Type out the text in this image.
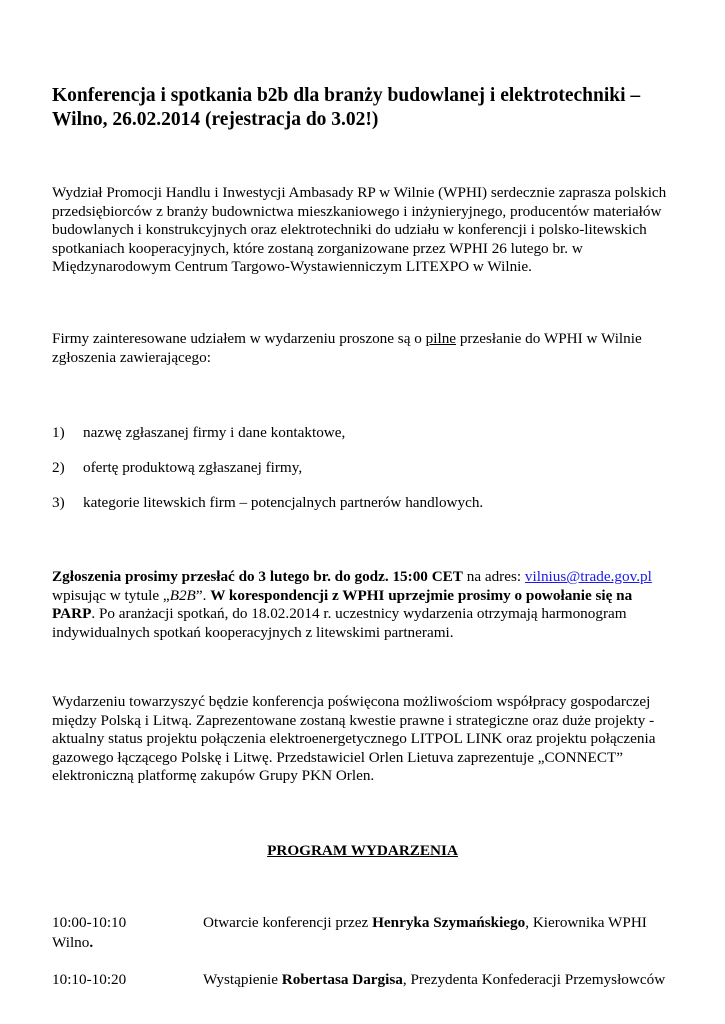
Konferencja i spotkania b2b dla branży budowlanej i elektrotechniki – Wilno, 26.02.2014 (rejestracja do 3.02!)

Wydział Promocji Handlu i Inwestycji Ambasady RP w Wilnie (WPHI) serdecznie zaprasza polskich przedsiębiorców z branży budownictwa mieszkaniowego i inżynieryjnego, producentów materiałów budowlanych i konstrukcyjnych oraz elektrotechniki do udziału w konferencji i polsko-litewskich spotkaniach kooperacyjnych, które zostaną zorganizowane przez WPHI 26 lutego br. w Międzynarodowym Centrum Targowo-Wystawienniczym LITEXPO w Wilnie.

Firmy zainteresowane udziałem w wydarzeniu proszone są o pilne przesłanie do WPHI w Wilnie zgłoszenia zawierającego:

1) nazwę zgłaszanej firmy i dane kontaktowe,
2) ofertę produktową zgłaszanej firmy,
3) kategorie litewskich firm – potencjalnych partnerów handlowych.

Zgłoszenia prosimy przesłać do 3 lutego br. do godz. 15:00 CET na adres: vilnius@trade.gov.pl wpisując w tytule „B2B”. W korespondencji z WPHI uprzejmie prosimy o powołanie się na PARP. Po aranżacji spotkań, do 18.02.2014 r. uczestnicy wydarzenia otrzymają harmonogram indywidualnych spotkań kooperacyjnych z litewskimi partnerami.

Wydarzeniu towarzyszyć będzie konferencja poświęcona możliwościom współpracy gospodarczej między Polską i Litwą. Zaprezentowane zostaną kwestie prawne i strategiczne oraz duże projekty - aktualny status projektu połączenia elektroenergetycznego LITPOL LINK oraz projektu połączenia gazowego łączącego Polskę i Litwę. Przedstawiciel Orlen Lietuva zaprezentuje „CONNECT” elektroniczną platformę zakupów Grupy PKN Orlen.

PROGRAM WYDARZENIA

10:00-10:10	Otwarcie konferencji przez Henryka Szymańskiego, Kierownika WPHI
Wilno.
10:10-10:20	Wystąpienie Robertasa Dargisa, Prezydenta Konfederacji Przemysłowców
